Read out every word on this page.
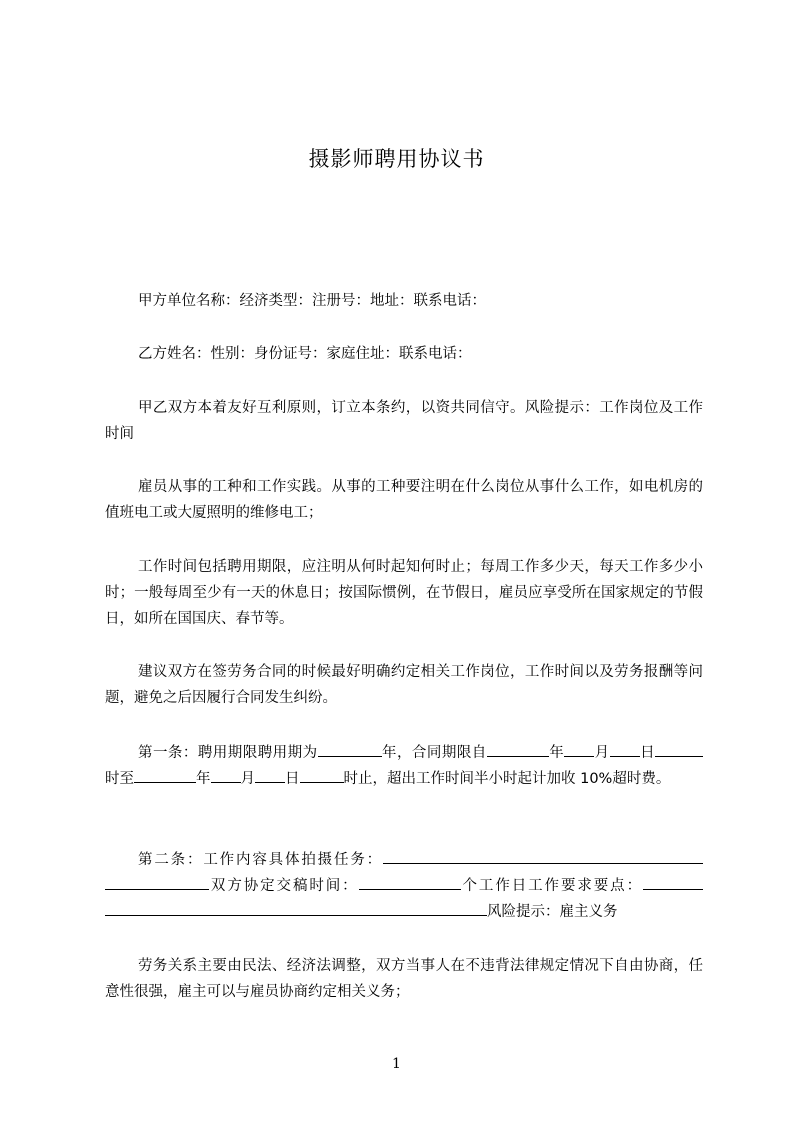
摄影师聘用协议书

甲方单位名称：经济类型：注册号：地址：联系电话：

乙方姓名：性别：身份证号：家庭住址：联系电话：

甲乙双方本着友好互利原则，订立本条约，以资共同信守。风险提示：工作岗位及工作时间

雇员从事的工种和工作实践。从事的工种要注明在什么岗位从事什么工作，如电机房的值班电工或大厦照明的维修电工；

工作时间包括聘用期限，应注明从何时起知何时止；每周工作多少天，每天工作多少小时；一般每周至少有一天的休息日；按国际惯例，在节假日，雇员应享受所在国家规定的节假日，如所在国国庆、春节等。

建议双方在签劳务合同的时候最好明确约定相关工作岗位，工作时间以及劳务报酬等问题，避免之后因履行合同发生纠纷。

第一条：聘用期限聘用期为	年，合同期限自	年 月 日时至	年 月 日	时止，超出工作时间半小时起计加收 10%超时费。

第二条：工作内容具体拍摄任务：双方协定交稿时间：	个工作日工作要求要点：风险提示：雇主义务

劳务关系主要由民法、经济法调整，双方当事人在不违背法律规定情况下自由协商，任意性很强，雇主可以与雇员协商约定相关义务；

1
